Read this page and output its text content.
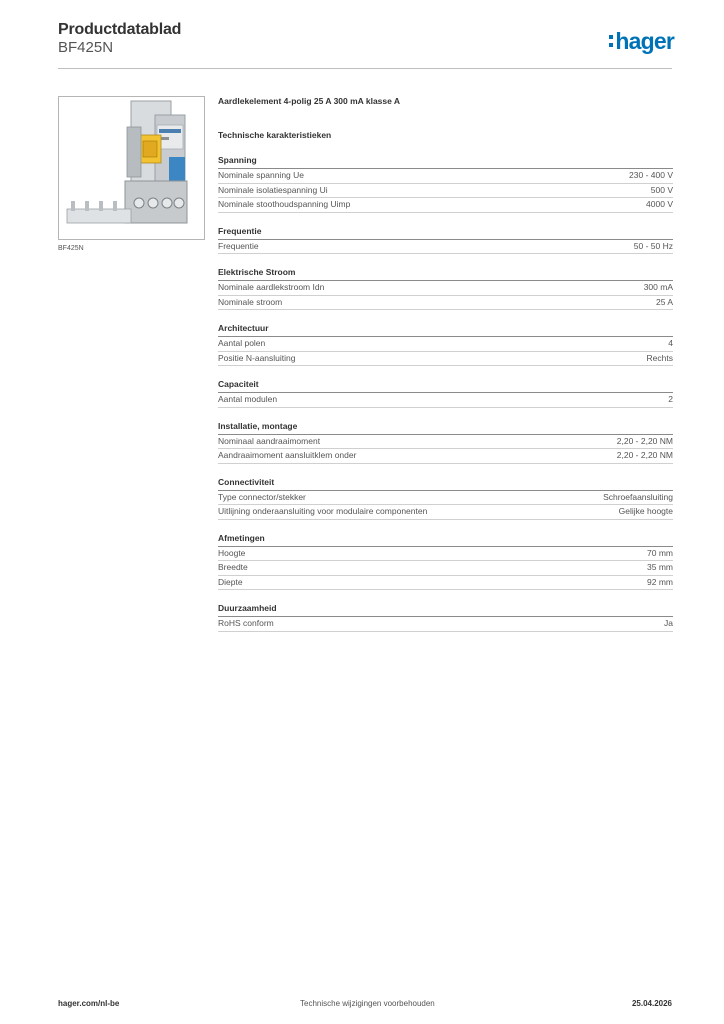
Productdatablad
BF425N	hager
BF425N
Aardlekelement 4-polig 25 A 300 mA klasse A
Technische karakteristieken
Spanning
Nominale spanning Ue	230 - 400 V
Nominale isolatiespanning Ui	500 V
Nominale stoothoudspanning Uimp	4000 V
Frequentie
Frequentie	50 - 50 Hz
Elektrische Stroom
Nominale aardlekstroom Idn	300 mA
Nominale stroom	25 A
Architectuur
Aantal polen	4
Positie N-aansluiting	Rechts
Capaciteit
Aantal modulen	2
Installatie, montage
Nominaal aandraaimoment	2,20 - 2,20 NM
Aandraaimoment aansluitklem onder	2,20 - 2,20 NM
Connectiviteit
Type connector/stekker	Schroefaansluiting
Uitlijning onderaansluiting voor modulaire componenten	Gelijke hoogte
Afmetingen
Hoogte	70 mm
Breedte	35 mm
Diepte	92 mm
Duurzaamheid
RoHS conform	Ja
hager.com/nl-be	Technische wijzigingen voorbehouden	25.04.2026
